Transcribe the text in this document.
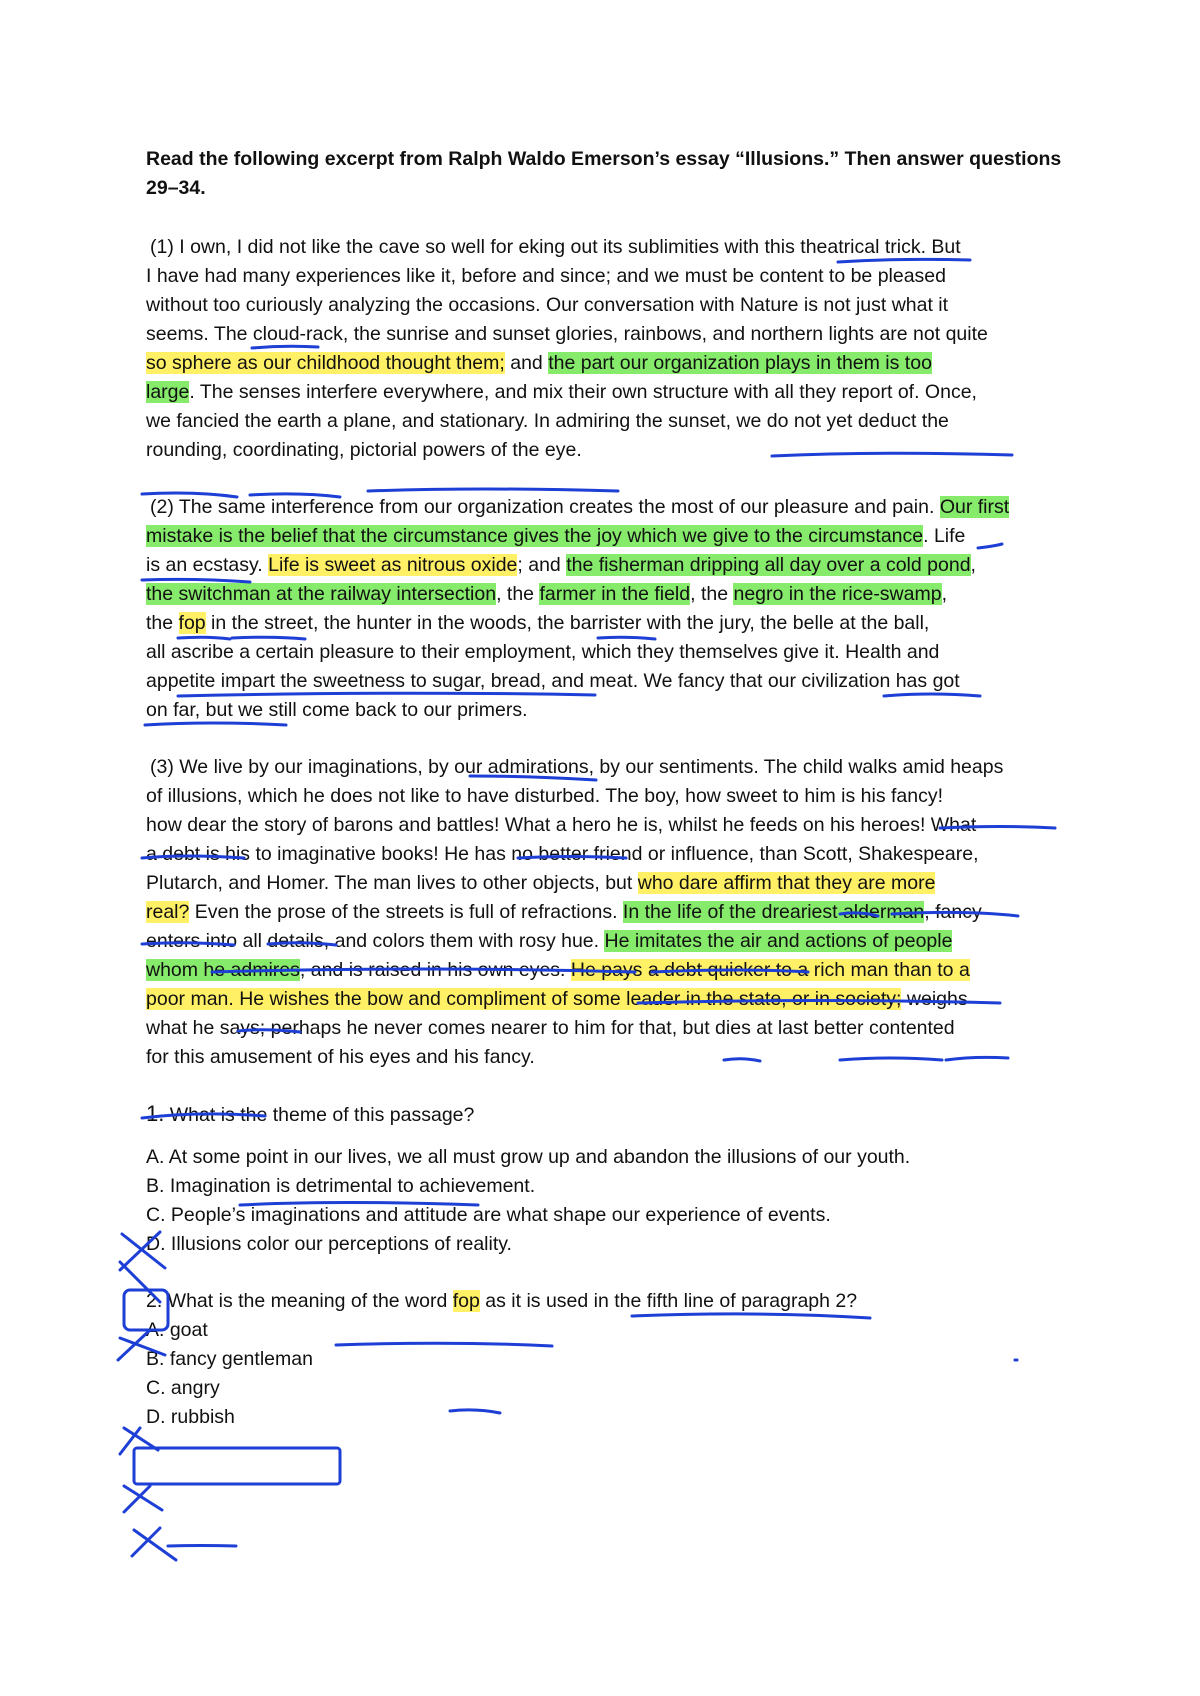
Read the following excerpt from Ralph Waldo Emerson’s essay “Illusions.” Then answer questions
29–34.
(1) I own, I did not like the cave so well for eking out its sublimities with this theatrical trick. But
I have had many experiences like it, before and since; and we must be content to be pleased
without too curiously analyzing the occasions. Our conversation with Nature is not just what it
seems. The cloud-rack, the sunrise and sunset glories, rainbows, and northern lights are not quite
so sphere as our childhood thought them; and the part our organization plays in them is too
large. The senses interfere everywhere, and mix their own structure with all they report of. Once,
we fancied the earth a plane, and stationary. In admiring the sunset, we do not yet deduct the
rounding, coordinating, pictorial powers of the eye.
(2) The same interference from our organization creates the most of our pleasure and pain. Our first
mistake is the belief that the circumstance gives the joy which we give to the circumstance. Life
is an ecstasy. Life is sweet as nitrous oxide; and the fisherman dripping all day over a cold pond,
the switchman at the railway intersection, the farmer in the field, the negro in the rice-swamp,
the fop in the street, the hunter in the woods, the barrister with the jury, the belle at the ball,
all ascribe a certain pleasure to their employment, which they themselves give it. Health and
appetite impart the sweetness to sugar, bread, and meat. We fancy that our civilization has got
on far, but we still come back to our primers.
(3) We live by our imaginations, by our admirations, by our sentiments. The child walks amid heaps
of illusions, which he does not like to have disturbed. The boy, how sweet to him is his fancy!
how dear the story of barons and battles! What a hero he is, whilst he feeds on his heroes! What
a debt is his to imaginative books! He has no better friend or influence, than Scott, Shakespeare,
Plutarch, and Homer. The man lives to other objects, but who dare affirm that they are more
real? Even the prose of the streets is full of refractions. In the life of the dreariest alderman, fancy
enters into all details, and colors them with rosy hue. He imitates the air and actions of people
whom he admires, and is raised in his own eyes. He pays a debt quicker to a rich man than to a
poor man. He wishes the bow and compliment of some leader in the state, or in society; weighs
what he says; perhaps he never comes nearer to him for that, but dies at last better contented
for this amusement of his eyes and his fancy.
1. What is the theme of this passage?
A. At some point in our lives, we all must grow up and abandon the illusions of our youth.
B. Imagination is detrimental to achievement.
C. People’s imaginations and attitude are what shape our experience of events.
D. Illusions color our perceptions of reality.
2. What is the meaning of the word fop as it is used in the fifth line of paragraph 2?
A. goat
B. fancy gentleman
C. angry
D. rubbish
